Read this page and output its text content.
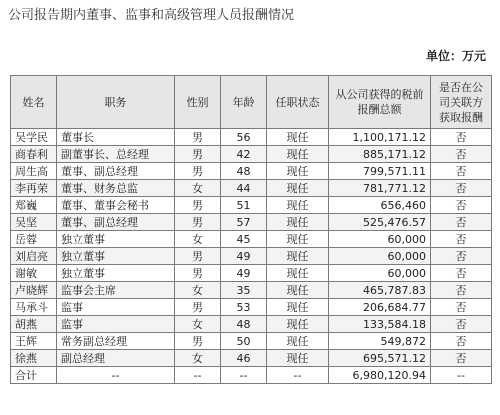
公司报告期内董事、监事和高级管理人员报酬情况
单位：万元
姓名	职务	性别	年龄	任职状态	从公司获得的税前报酬总额	是否在公司关联方获取报酬
吴学民	董事长	男	56	现任	1,100,171.12	否
商春利	副董事长、总经理	男	42	现任	885,171.12	否
周生高	董事、副总经理	男	48	现任	799,571.11	否
李再荣	董事、财务总监	女	44	现任	781,771.12	否
郑巍	董事、董事会秘书	男	51	现任	656,460	否
吴坚	董事、副总经理	男	57	现任	525,476.57	否
岳蓉	独立董事	女	45	现任	60,000	否
刘启亮	独立董事	男	49	现任	60,000	否
谢敏	独立董事	男	49	现任	60,000	否
卢晓辉	监事会主席	女	35	现任	465,787.83	否
马承斗	监事	男	53	现任	206,684.77	否
胡燕	监事	女	48	现任	133,584.18	否
王辉	常务副总经理	男	50	现任	549,872	否
徐燕	副总经理	女	46	现任	695,571.12	否
合计	--	--	--	--	6,980,120.94	--
